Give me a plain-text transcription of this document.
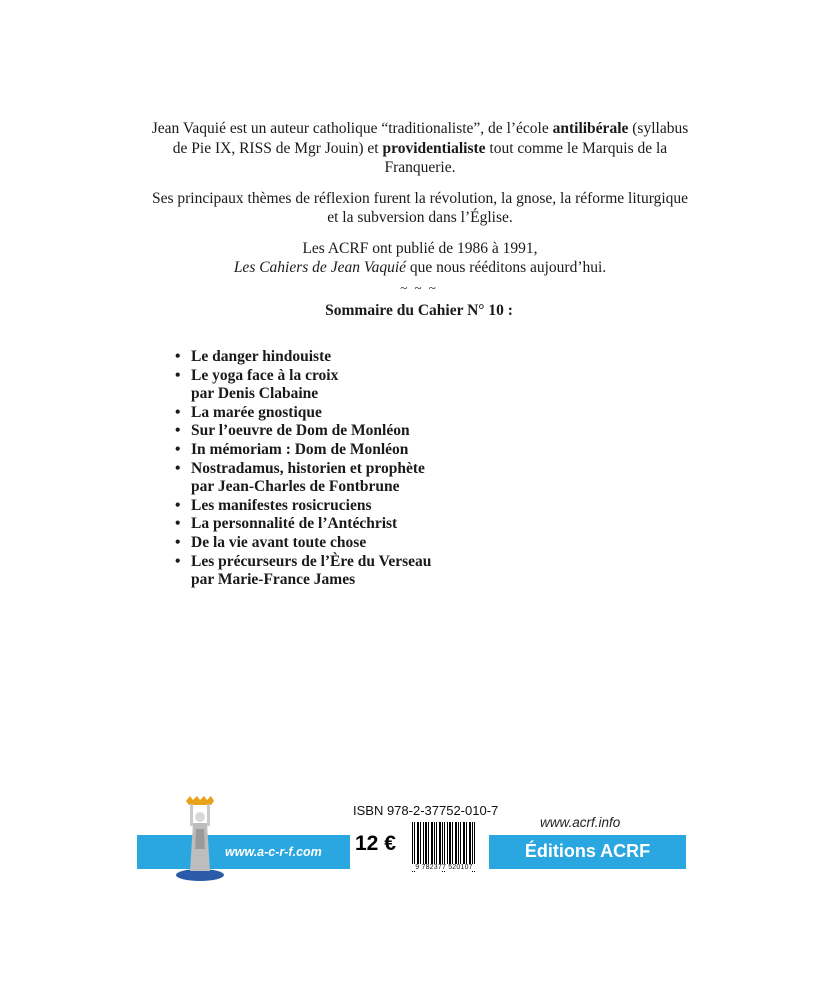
Jean Vaquié est un auteur catholique “traditionaliste”, de l’école antilibérale (syllabus de Pie IX, RISS de Mgr Jouin) et providentialiste tout comme le Marquis de la Franquerie.

Ses principaux thèmes de réflexion furent la révolution, la gnose, la réforme liturgique et la subversion dans l’Église.

Les ACRF ont publié de 1986 à 1991,
Les Cahiers de Jean Vaquié que nous rééditons aujourd’hui.

~ ~ ~
Sommaire du Cahier N° 10 :
• Le danger hindouiste
• Le yoga face à la croix
par Denis Clabaine
• La marée gnostique
• Sur l’oeuvre de Dom de Monléon
• In mémoriam : Dom de Monléon
• Nostradamus, historien et prophète
par Jean-Charles de Fontbrune
• Les manifestes rosicruciens
• La personnalité de l’Antéchrist
• De la vie avant toute chose
• Les précurseurs de l’Ère du Verseau
par Marie-France James
www.a-c-r-f.com
ISBN 978-2-37752-010-7
12 €
9 782377 520107
www.acrf.info
Éditions ACRF
